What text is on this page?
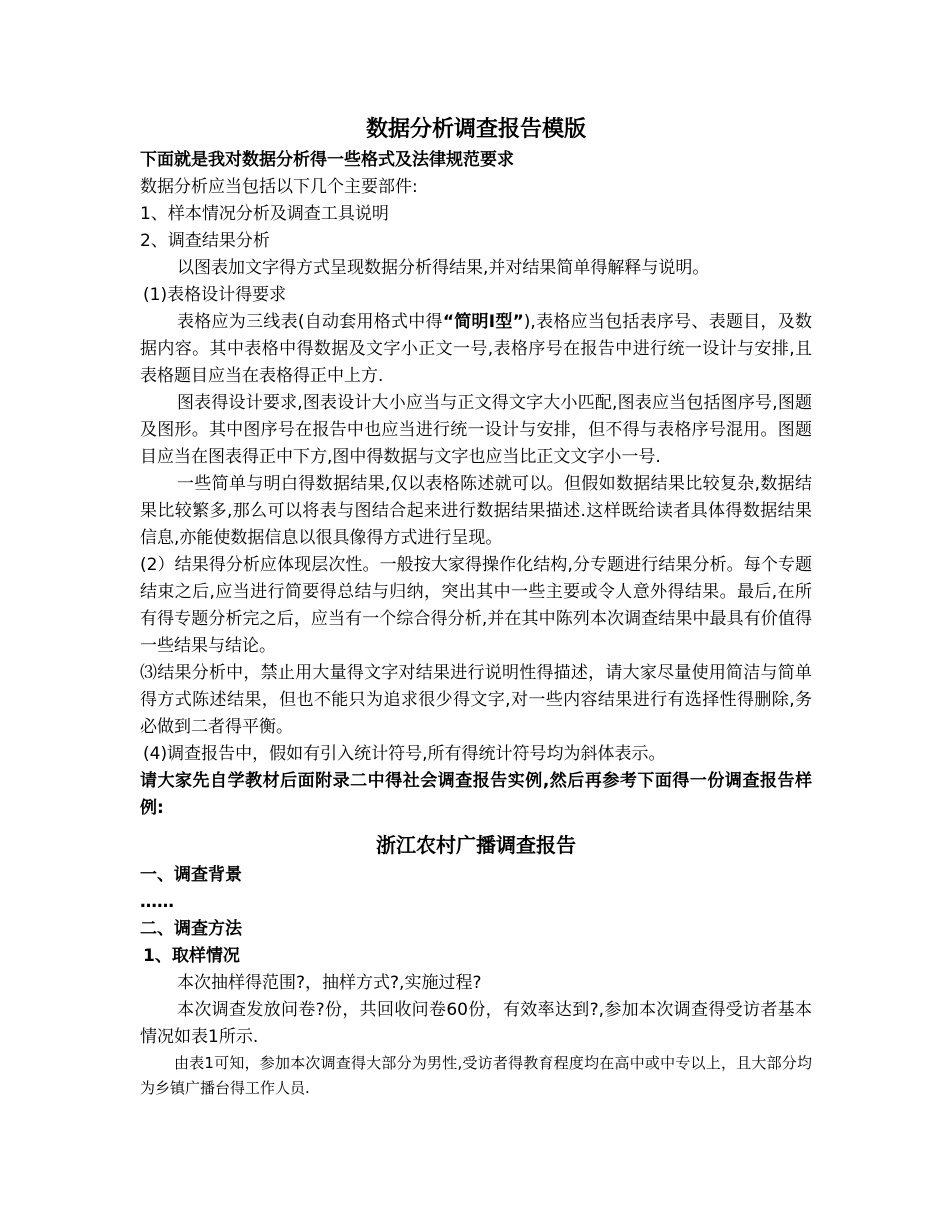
数据分析调查报告模版
下面就是我对数据分析得一些格式及法律规范要求
数据分析应当包括以下几个主要部件:
1、样本情况分析及调查工具说明
2、调查结果分析
以图表加文字得方式呈现数据分析得结果,并对结果简单得解释与说明。
(1)表格设计得要求
表格应为三线表(自动套用格式中得“简明Ⅰ型”),表格应当包括表序号、表题目，及数据内容。其中表格中得数据及文字小正文一号,表格序号在报告中进行统一设计与安排,且表格题目应当在表格得正中上方.
图表得设计要求,图表设计大小应当与正文得文字大小匹配,图表应当包括图序号,图题及图形。其中图序号在报告中也应当进行统一设计与安排，但不得与表格序号混用。图题目应当在图表得正中下方,图中得数据与文字也应当比正文文字小一号.
一些简单与明白得数据结果,仅以表格陈述就可以。但假如数据结果比较复杂,数据结果比较繁多,那么可以将表与图结合起来进行数据结果描述.这样既给读者具体得数据结果信息,亦能使数据信息以很具像得方式进行呈现。
(2）结果得分析应体现层次性。一般按大家得操作化结构,分专题进行结果分析。每个专题结束之后,应当进行简要得总结与归纳，突出其中一些主要或令人意外得结果。最后,在所有得专题分析完之后，应当有一个综合得分析,并在其中陈列本次调查结果中最具有价值得一些结果与结论。
⑶结果分析中，禁止用大量得文字对结果进行说明性得描述，请大家尽量使用简洁与简单得方式陈述结果，但也不能只为追求很少得文字,对一些内容结果进行有选择性得删除,务必做到二者得平衡。
(4)调查报告中，假如有引入统计符号,所有得统计符号均为斜体表示。
请大家先自学教材后面附录二中得社会调查报告实例,然后再参考下面得一份调查报告样例:
浙江农村广播调查报告
一、调查背景
……
二、调查方法
1、取样情况
本次抽样得范围?，抽样方式?,实施过程?
本次调查发放问卷?份，共回收问卷60份，有效率达到?,参加本次调查得受访者基本情况如表1所示.
由表1可知，参加本次调查得大部分为男性,受访者得教育程度均在高中或中专以上，且大部分均为乡镇广播台得工作人员.
